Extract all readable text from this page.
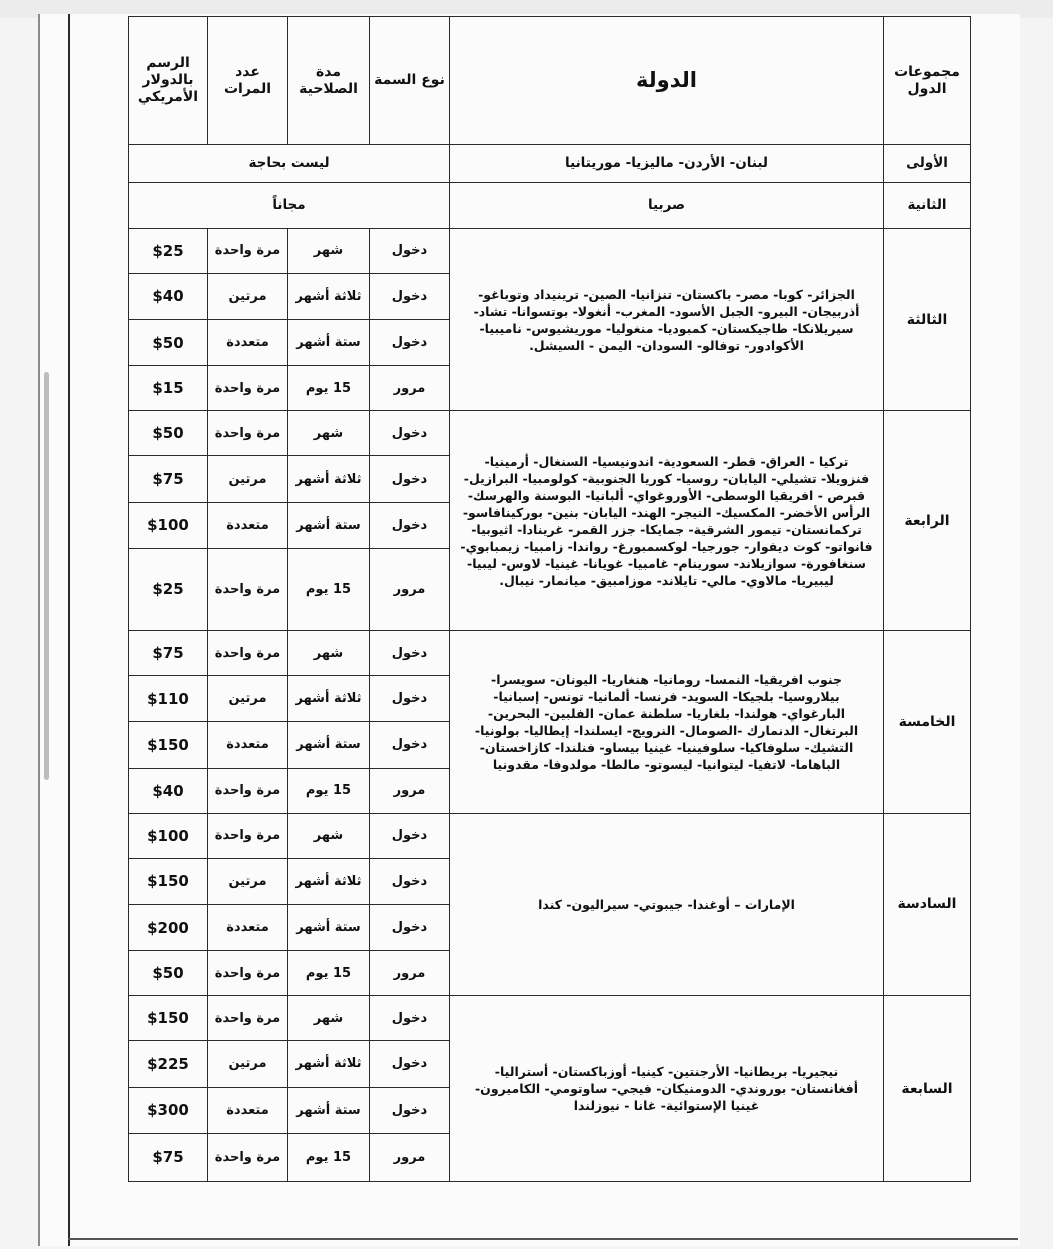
مجموعات الدول	الدولة	نوع السمة	مدة الصلاحية	عدد المرات	الرسم بالدولار الأمريكي
الأولى	لبنان- الأردن- ماليزيا- موريتانيا	ليست بحاجة			
الثانية	صربيا	مجاناً			
الثالثة	الجزائر- كوبا- مصر- باكستان- تنزانيا- الصين- ترينيداد وتوباغو- أذربيجان- البيرو- الجبل الأسود- المغرب- أنغولا- بوتسوانا- تشاد- سيريلانكا- طاجيكستان- كمبوديا- منغوليا- موريشيوس- ناميبيا- الأكوادور- توفالو- السودان- اليمن - السيشل.	دخول	شهر	مرة واحدة	$25
		دخول	ثلاثة أشهر	مرتين	$40
		دخول	ستة أشهر	متعددة	$50
		مرور	15 يوم	مرة واحدة	$15
الرابعة	تركيا - العراق- قطر- السعودية- اندونيسيا- السنغال- أرمينيا- فنزويلا- تشيلي- اليابان- روسيا- كوريا الجنوبية- كولومبيا- البرازيل- قبرص - افريقيا الوسطى- الأوروغواي- ألبانيا- البوسنة والهرسك- الرأس الأخضر- المكسيك- النيجر- الهند- اليابان- بنين- بوركينافاسو- تركمانستان- تيمور الشرقية- جمايكا- جزر القمر- غرينادا- اثيوبيا- فانواتو- كوت ديفوار- جورجيا- لوكسمبورغ- رواندا- زامبيا- زيمبابوي- سنغافورة- سوازيلاند- سورينام- غامبيا- غويانا- غينيا- لاوس- ليبيا- ليبيريا- مالاوي- مالي- تايلاند- موزامبيق- ميانمار- نيبال.	دخول	شهر	مرة واحدة	$50
		دخول	ثلاثة أشهر	مرتين	$75
		دخول	ستة أشهر	متعددة	$100
		مرور	15 يوم	مرة واحدة	$25
الخامسة	جنوب افريقيا- النمسا- رومانيا- هنغاريا- اليونان- سويسرا- بيلاروسيا- بلجيكا- السويد- فرنسا- ألمانيا- تونس- إسبانيا- البارغواي- هولندا- بلغاريا- سلطنة عمان- الفلبين- البحرين- البرتغال- الدنمارك -الصومال- النرويج- ايسلندا- إيطاليا- بولونيا- التشيك- سلوفاكيا- سلوفينيا- غينيا بيساو- فنلندا- كازاخستان- الباهاما- لاتفيا- ليتوانيا- ليسوتو- مالطا- مولدوفا- مقدونيا	دخول	شهر	مرة واحدة	$75
		دخول	ثلاثة أشهر	مرتين	$110
		دخول	ستة أشهر	متعددة	$150
		مرور	15 يوم	مرة واحدة	$40
السادسة	الإمارات – أوغندا- جيبوتي- سيراليون- كندا	دخول	شهر	مرة واحدة	$100
		دخول	ثلاثة أشهر	مرتين	$150
		دخول	ستة أشهر	متعددة	$200
		مرور	15 يوم	مرة واحدة	$50
السابعة	نيجيريا- بريطانيا- الأرجنتين- كينيا- أوزباكستان- أستراليا- أفغانستان- بوروندي- الدومنيكان- فيجي- ساوتومي- الكاميرون- غينيا الإستوائية- غانا - نيوزلندا	دخول	شهر	مرة واحدة	$150
		دخول	ثلاثة أشهر	مرتين	$225
		دخول	ستة أشهر	متعددة	$300
		مرور	15 يوم	مرة واحدة	$75
